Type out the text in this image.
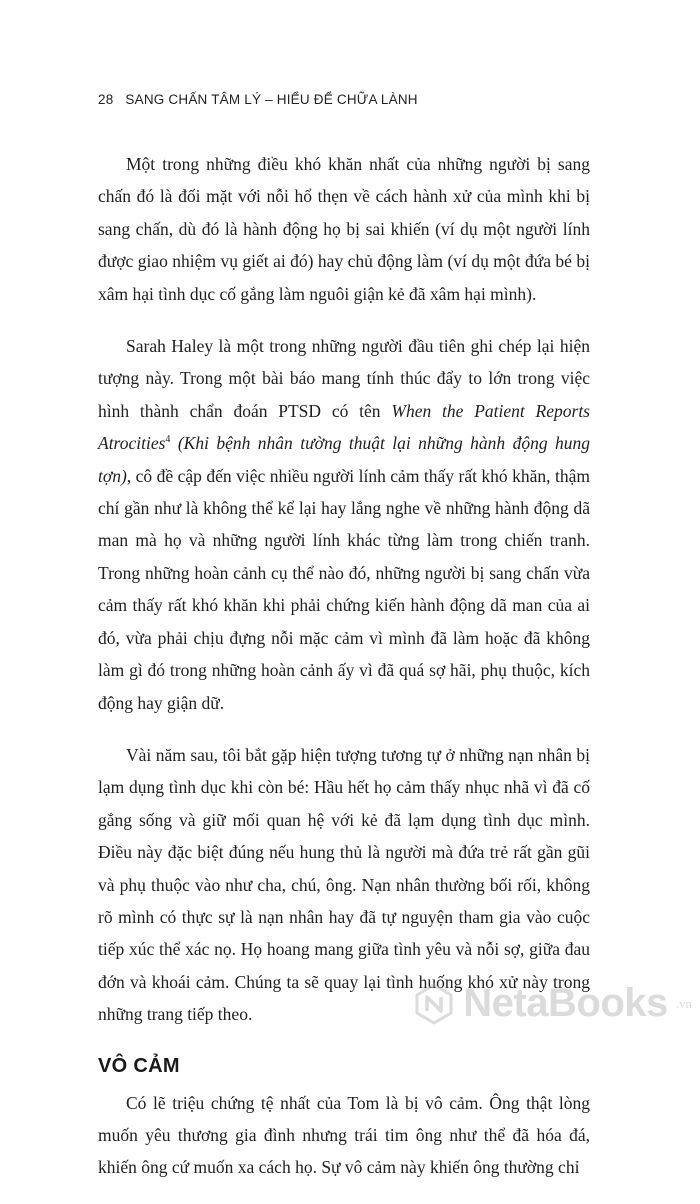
28 SANG CHẤN TÂM LÝ – HIỂU ĐỂ CHỮA LÀNH

Một trong những điều khó khăn nhất của những người bị sang chấn đó là đối mặt với nỗi hổ thẹn về cách hành xử của mình khi bị sang chấn, dù đó là hành động họ bị sai khiến (ví dụ một người lính được giao nhiệm vụ giết ai đó) hay chủ động làm (ví dụ một đứa bé bị xâm hại tình dục cố gắng làm nguôi giận kẻ đã xâm hại mình).

Sarah Haley là một trong những người đầu tiên ghi chép lại hiện tượng này. Trong một bài báo mang tính thúc đẩy to lớn trong việc hình thành chẩn đoán PTSD có tên When the Patient Reports Atrocities$^4$ (Khi bệnh nhân tường thuật lại những hành động hung tợn), cô đề cập đến việc nhiều người lính cảm thấy rất khó khăn, thậm chí gần như là không thể kể lại hay lắng nghe về những hành động dã man mà họ và những người lính khác từng làm trong chiến tranh. Trong những hoàn cảnh cụ thể nào đó, những người bị sang chấn vừa cảm thấy rất khó khăn khi phải chứng kiến hành động dã man của ai đó, vừa phải chịu đựng nỗi mặc cảm vì mình đã làm hoặc đã không làm gì đó trong những hoàn cảnh ấy vì đã quá sợ hãi, phụ thuộc, kích động hay giận dữ.

Vài năm sau, tôi bắt gặp hiện tượng tương tự ở những nạn nhân bị lạm dụng tình dục khi còn bé: Hầu hết họ cảm thấy nhục nhã vì đã cố gắng sống và giữ mối quan hệ với kẻ đã lạm dụng tình dục mình. Điều này đặc biệt đúng nếu hung thủ là người mà đứa trẻ rất gần gũi và phụ thuộc vào như cha, chú, ông. Nạn nhân thường bối rối, không rõ mình có thực sự là nạn nhân hay đã tự nguyện tham gia vào cuộc tiếp xúc thể xác nọ. Họ hoang mang giữa tình yêu và nỗi sợ, giữa đau đớn và khoái cảm. Chúng ta sẽ quay lại tình huống khó xử này trong những trang tiếp theo.

VÔ CẢM

Có lẽ triệu chứng tệ nhất của Tom là bị vô cảm. Ông thật lòng muốn yêu thương gia đình nhưng trái tim ông như thể đã hóa đá, khiến ông cứ muốn xa cách họ. Sự vô cảm này khiến ông thường chỉ

NetaBooks .vn
